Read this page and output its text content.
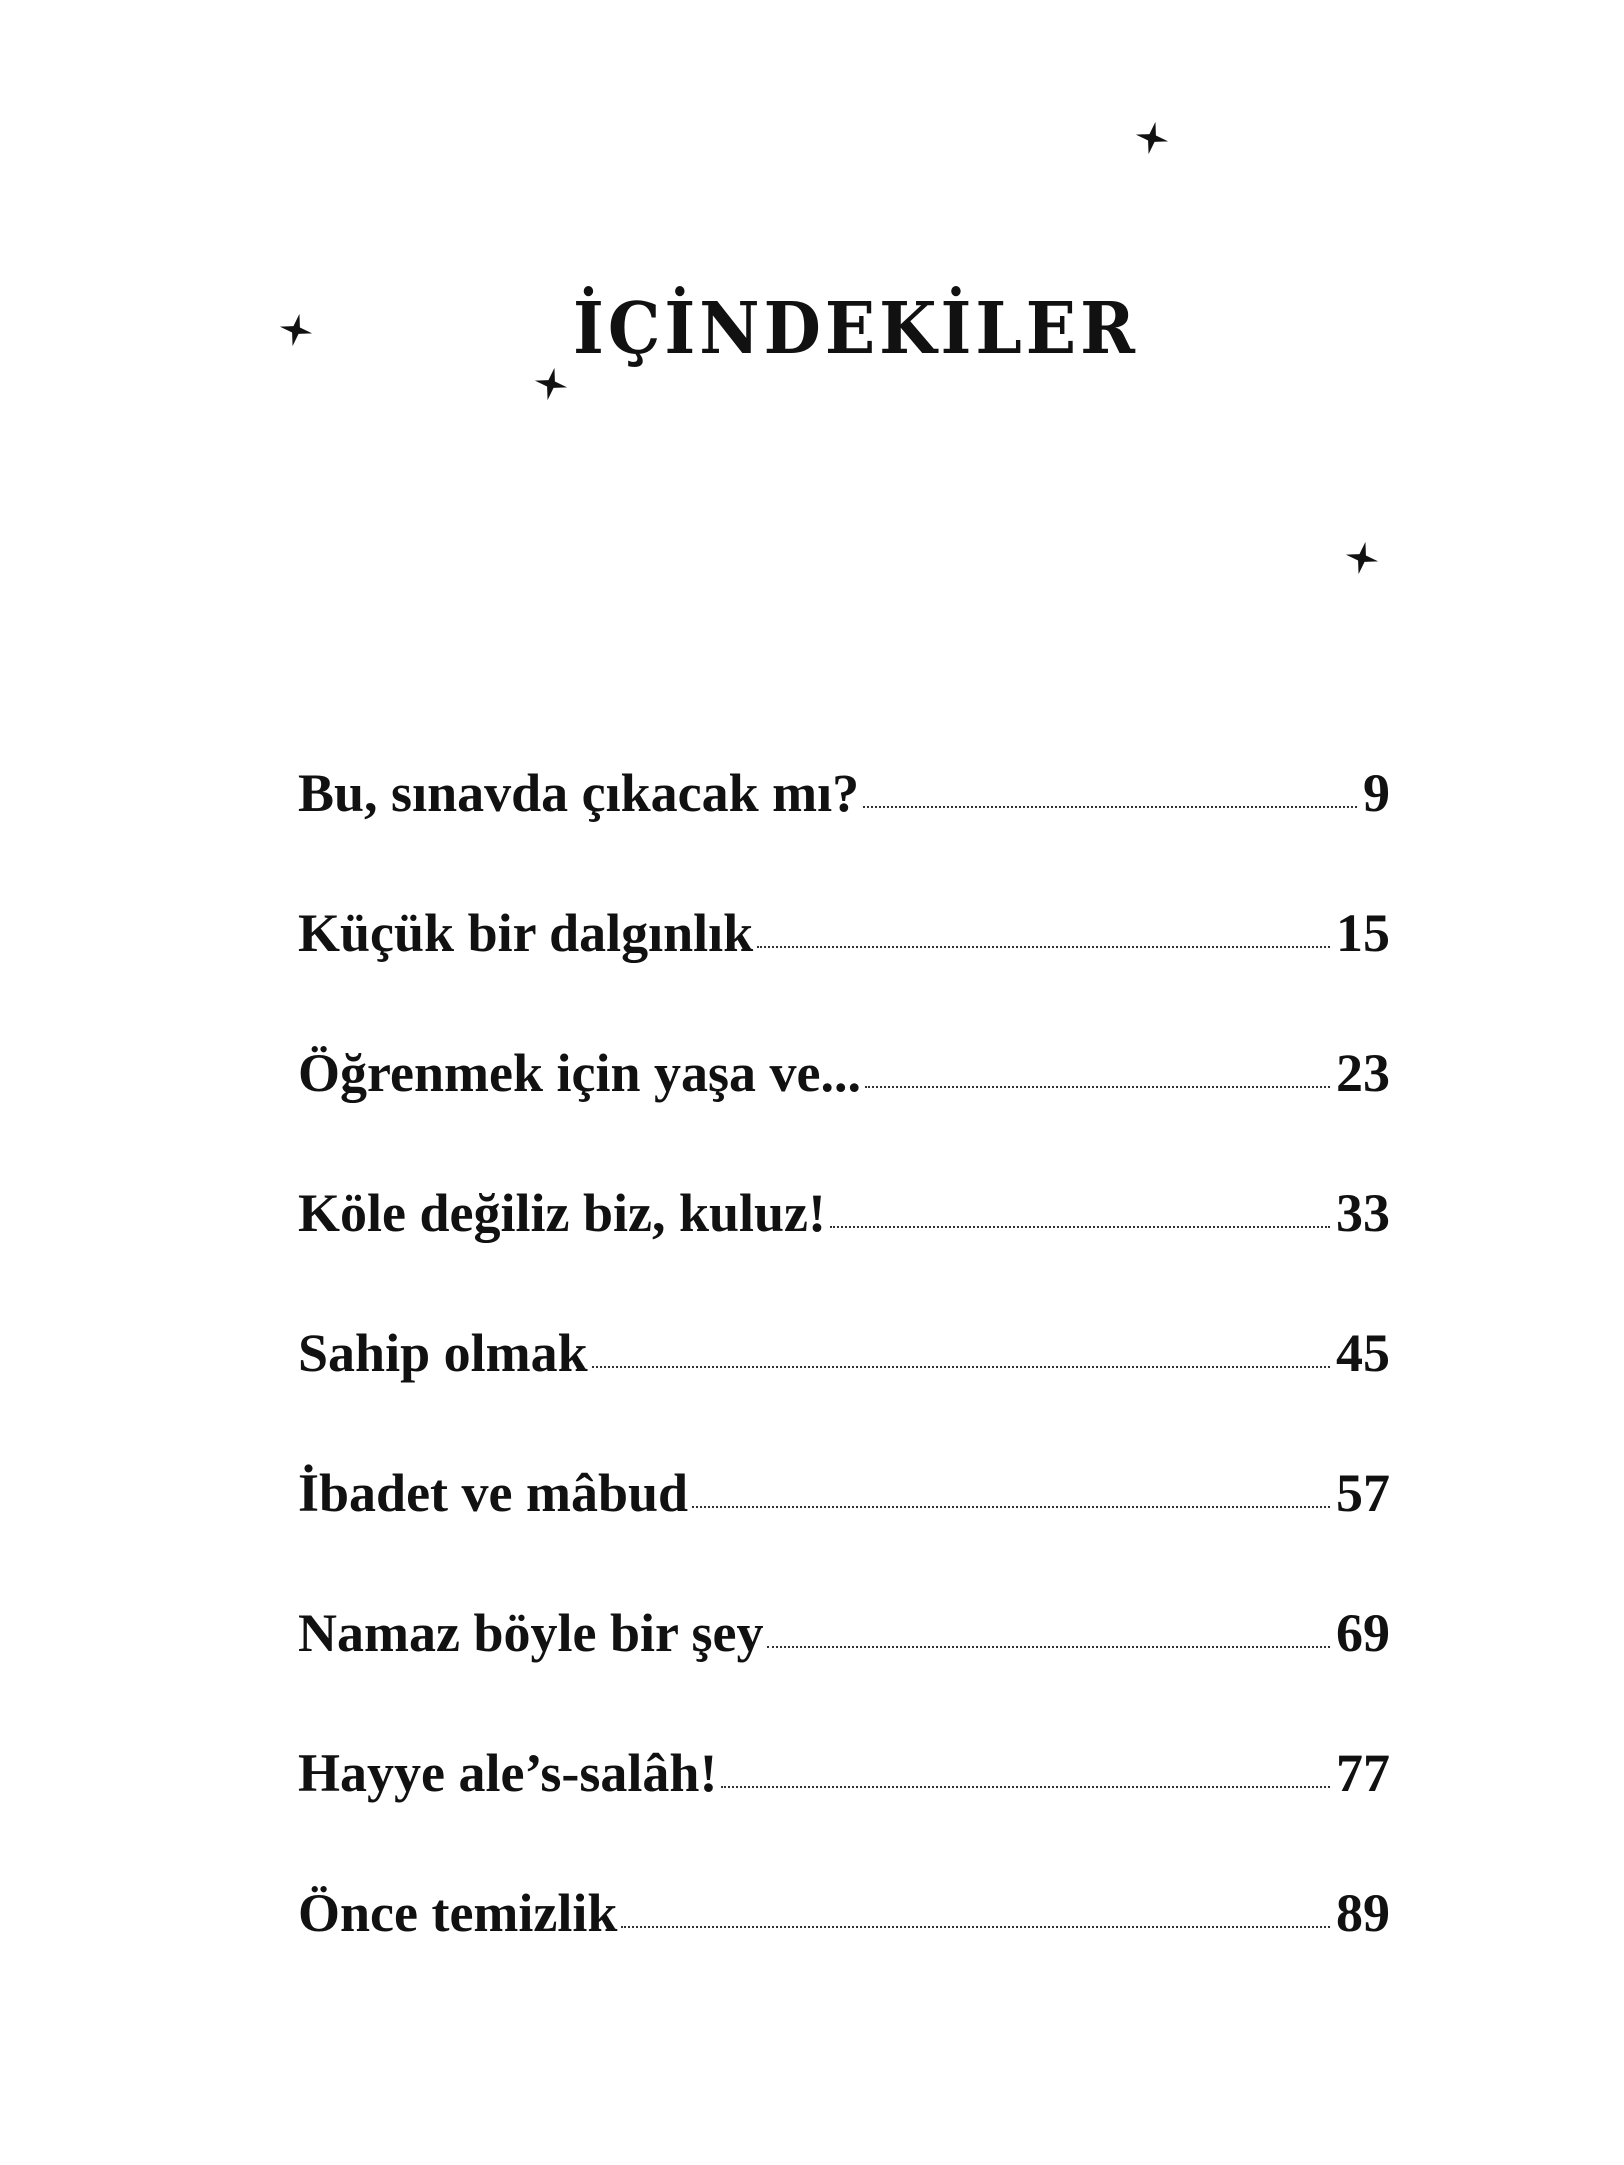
İÇİNDEKİLER
Bu, sınavda çıkacak mı?	9
Küçük bir dalgınlık	15
Öğrenmek için yaşa ve...	23
Köle değiliz biz, kuluz!	33
Sahip olmak	45
İbadet ve mâbud	57
Namaz böyle bir şey	69
Hayye ale’s-salâh!	77
Önce temizlik	89
